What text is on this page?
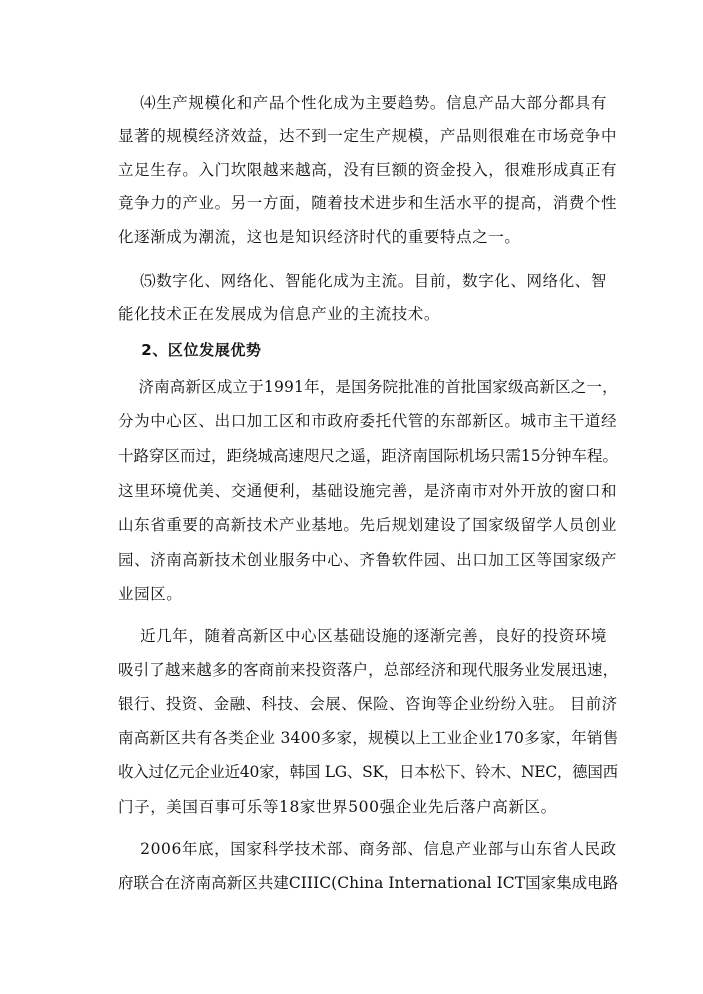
⑷生产规模化和产品个性化成为主要趋势。信息产品大部分都具有
显著的规模经济效益，达不到一定生产规模，产品则很难在市场竞争中
立足生存。入门坎限越来越高，没有巨额的资金投入，很难形成真正有
竟争力的产业。另一方面，随着技术进步和生活水平的提高，消费个性
化逐渐成为潮流，这也是知识经济时代的重要特点之一。
⑸数字化、网络化、智能化成为主流。目前，数字化、网络化、智
能化技术正在发展成为信息产业的主流技术。
2、区位发展优势
济南高新区成立于1991年，是国务院批准的首批国家级高新区之一，
分为中心区、出口加工区和市政府委托代管的东部新区。城市主干道经
十路穿区而过，距绕城高速咫尺之遥，距济南国际机场只需15分钟车程。
这里环境优美、交通便利，基础设施完善，是济南市对外开放的窗口和
山东省重要的高新技术产业基地。先后规划建设了国家级留学人员创业
园、济南高新技术创业服务中心、齐鲁软件园、出口加工区等国家级产
业园区。
近几年，随着高新区中心区基础设施的逐渐完善，良好的投资环境
吸引了越来越多的客商前来投资落户，总部经济和现代服务业发展迅速，
银行、投资、金融、科技、会展、保险、咨询等企业纷纷入驻。 目前济
南高新区共有各类企业 3400多家，规模以上工业企业170多家，年销售
收入过亿元企业近40家，韩国 LG、SK，日本松下、铃木、NEC，德国西
门子，美国百事可乐等18家世界500强企业先后落户高新区。
2006年底，国家科学技术部、商务部、信息产业部与山东省人民政
府联合在济南高新区共建CIIIC(China International ICT国家集成电路
